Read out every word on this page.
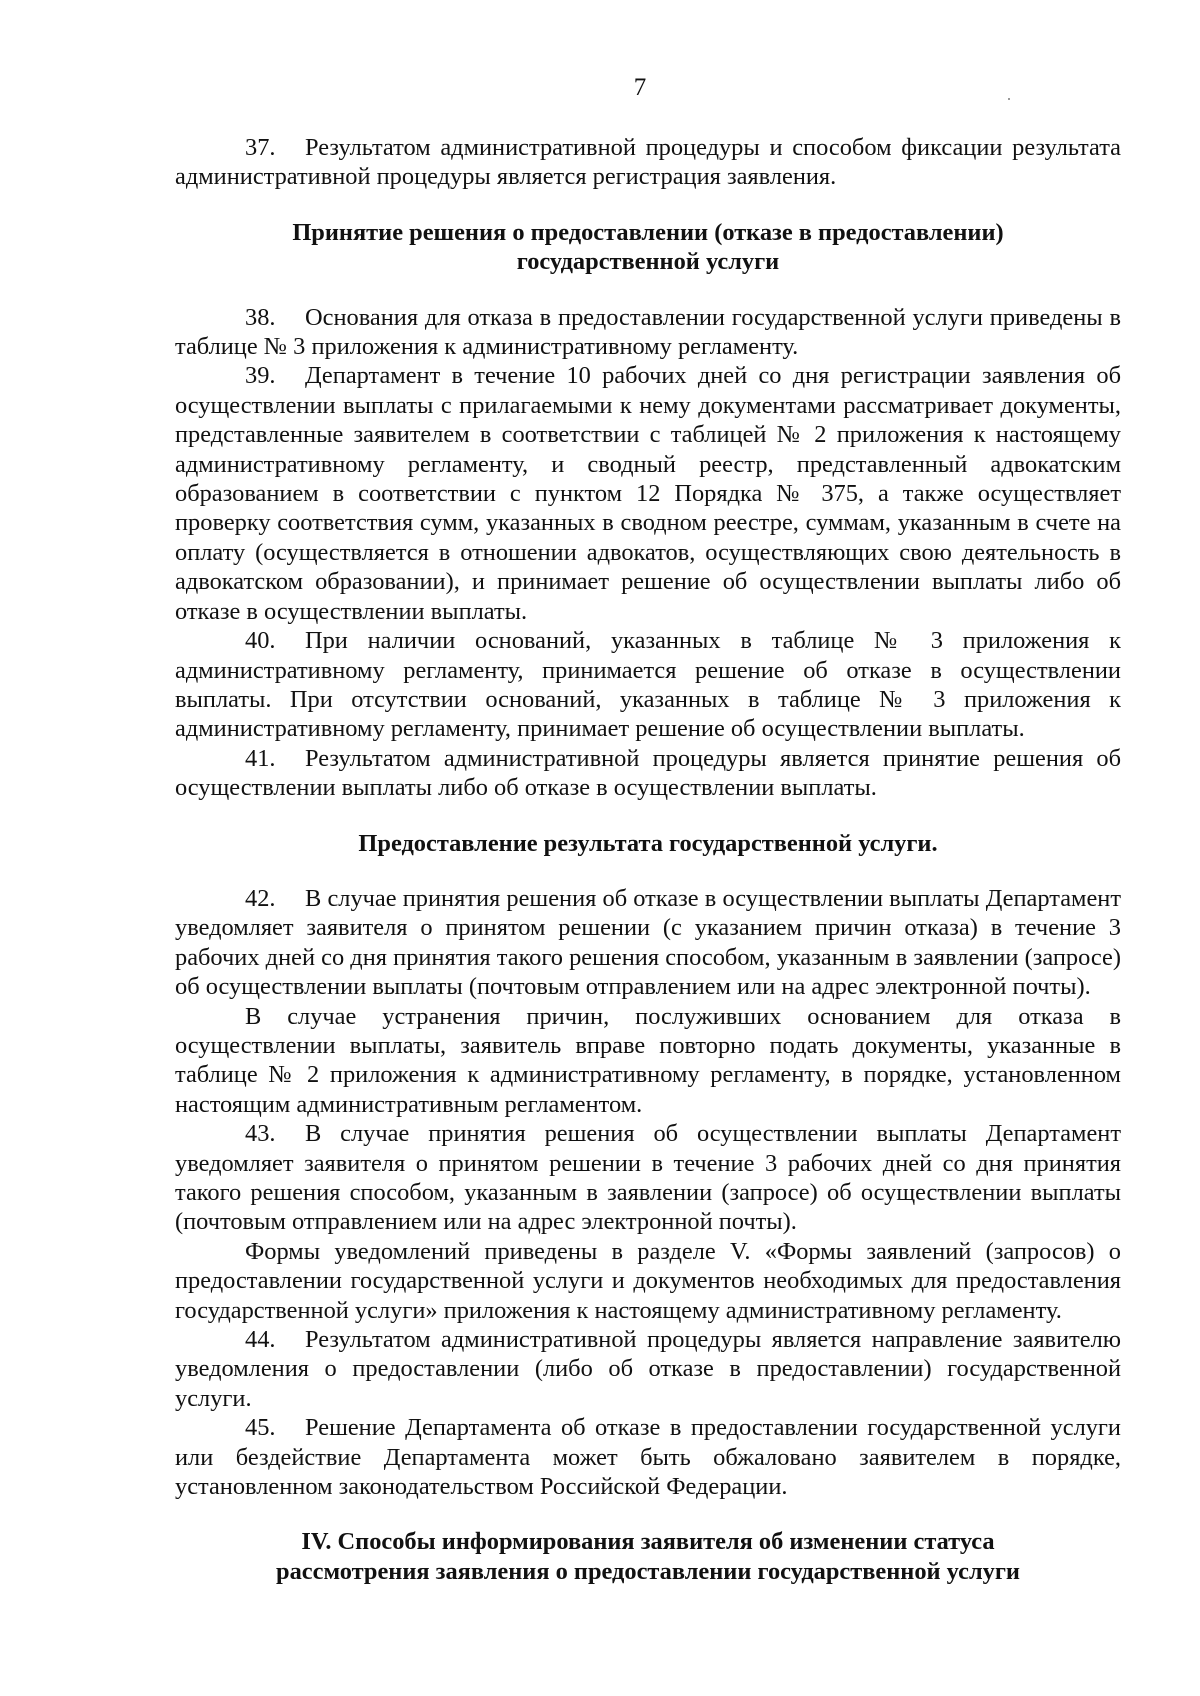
7

37. Результатом административной процедуры и способом фиксации результата административной процедуры является регистрация заявления.

Принятие решения о предоставлении (отказе в предоставлении)
государственной услуги

38. Основания для отказа в предоставлении государственной услуги приведены в таблице № 3 приложения к административному регламенту.

39. Департамент в течение 10 рабочих дней со дня регистрации заявления об осуществлении выплаты с прилагаемыми к нему документами рассматривает документы, представленные заявителем в соответствии с таблицей № 2 приложения к настоящему административному регламенту, и сводный реестр, представленный адвокатским образованием в соответствии с пунктом 12 Порядка № 375, а также осуществляет проверку соответствия сумм, указанных в сводном реестре, суммам, указанным в счете на оплату (осуществляется в отношении адвокатов, осуществляющих свою деятельность в адвокатском образовании), и принимает решение об осуществлении выплаты либо об отказе в осуществлении выплаты.

40. При наличии оснований, указанных в таблице № 3 приложения к административному регламенту, принимается решение об отказе в осуществлении выплаты. При отсутствии оснований, указанных в таблице № 3 приложения к административному регламенту, принимает решение об осуществлении выплаты.

41. Результатом административной процедуры является принятие решения об осуществлении выплаты либо об отказе в осуществлении выплаты.

Предоставление результата государственной услуги.

42. В случае принятия решения об отказе в осуществлении выплаты Департамент уведомляет заявителя о принятом решении (с указанием причин отказа) в течение 3 рабочих дней со дня принятия такого решения способом, указанным в заявлении (запросе) об осуществлении выплаты (почтовым отправлением или на адрес электронной почты).

В случае устранения причин, послуживших основанием для отказа в осуществлении выплаты, заявитель вправе повторно подать документы, указанные в таблице № 2 приложения к административному регламенту, в порядке, установленном настоящим административным регламентом.

43. В случае принятия решения об осуществлении выплаты Департамент уведомляет заявителя о принятом решении в течение 3 рабочих дней со дня принятия такого решения способом, указанным в заявлении (запросе) об осуществлении выплаты (почтовым отправлением или на адрес электронной почты).

Формы уведомлений приведены в разделе V. «Формы заявлений (запросов) о предоставлении государственной услуги и документов необходимых для предоставления государственной услуги» приложения к настоящему административному регламенту.

44. Результатом административной процедуры является направление заявителю уведомления о предоставлении (либо об отказе в предоставлении) государственной услуги.

45. Решение Департамента об отказе в предоставлении государственной услуги или бездействие Департамента может быть обжаловано заявителем в порядке, установленном законодательством Российской Федерации.

IV. Способы информирования заявителя об изменении статуса
рассмотрения заявления о предоставлении государственной услуги
